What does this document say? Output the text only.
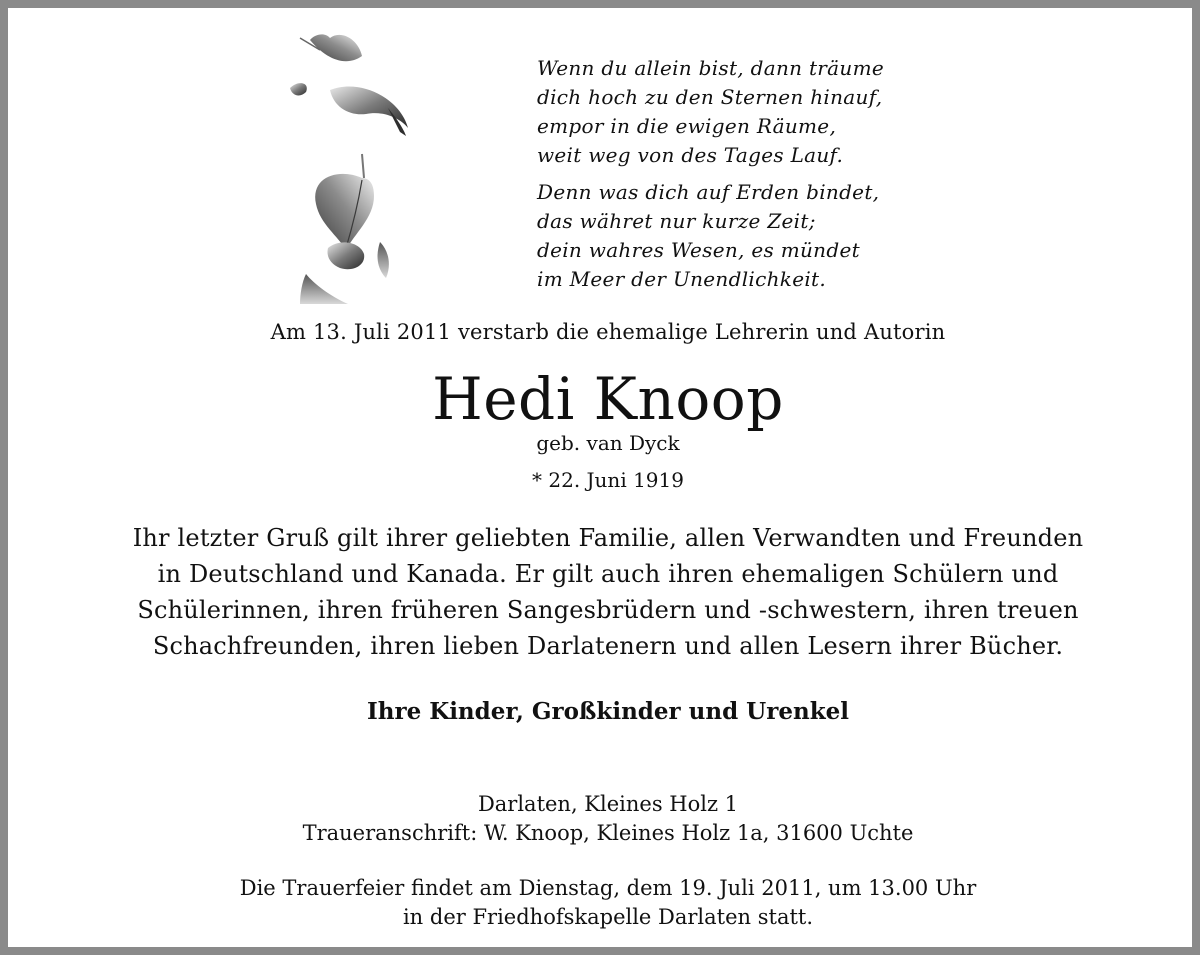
Wenn du allein bist, dann träume
dich hoch zu den Sternen hinauf,
empor in die ewigen Räume,
weit weg von des Tages Lauf.
Denn was dich auf Erden bindet,
das währet nur kurze Zeit;
dein wahres Wesen, es mündet
im Meer der Unendlichkeit.
Am 13. Juli 2011 verstarb die ehemalige Lehrerin und Autorin
Hedi Knoop
geb. van Dyck
* 22. Juni 1919
Ihr letzter Gruß gilt ihrer geliebten Familie, allen Verwandten und Freunden
in Deutschland und Kanada. Er gilt auch ihren ehemaligen Schülern und
Schülerinnen, ihren früheren Sangesbrüdern und -schwestern, ihren treuen
Schachfreunden, ihren lieben Darlatenern und allen Lesern ihrer Bücher.
Ihre Kinder, Großkinder und Urenkel
Darlaten, Kleines Holz 1
Traueranschrift: W. Knoop, Kleines Holz 1a, 31600 Uchte
Die Trauerfeier findet am Dienstag, dem 19. Juli 2011, um 13.00 Uhr
in der Friedhofskapelle Darlaten statt.
